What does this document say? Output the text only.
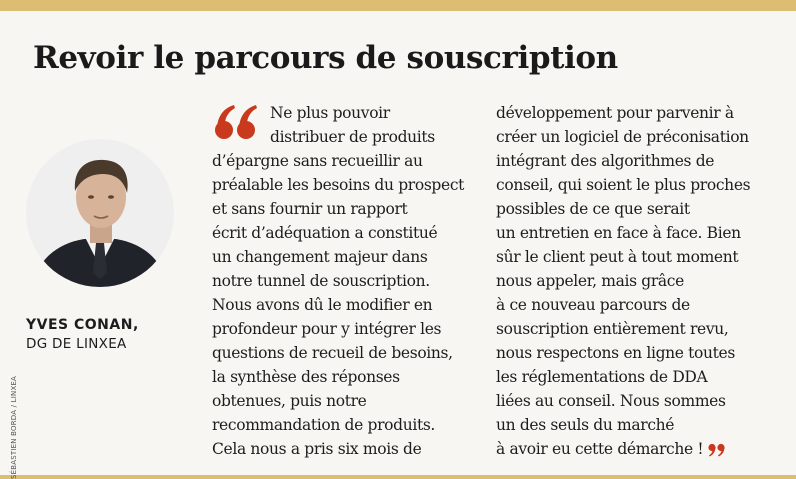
Revoir le parcours de souscription
YVES CONAN,
DG DE LINXEA
SÉBASTIEN BORDA / LINXEA
Ne plus pouvoir
distribuer de produits
d’épargne sans recueillir au
préalable les besoins du prospect
et sans fournir un rapport
écrit d’adéquation a constitué
un changement majeur dans
notre tunnel de souscription.
Nous avons dû le modifier en
profondeur pour y intégrer les
questions de recueil de besoins,
la synthèse des réponses
obtenues, puis notre
recommandation de produits.
Cela nous a pris six mois de
développement pour parvenir à
créer un logiciel de préconisation
intégrant des algorithmes de
conseil, qui soient le plus proches
possibles de ce que serait
un entretien en face à face. Bien
sûr le client peut à tout moment
nous appeler, mais grâce
à ce nouveau parcours de
souscription entièrement revu,
nous respectons en ligne toutes
les réglementations de DDA
liées au conseil. Nous sommes
un des seuls du marché
à avoir eu cette démarche !
